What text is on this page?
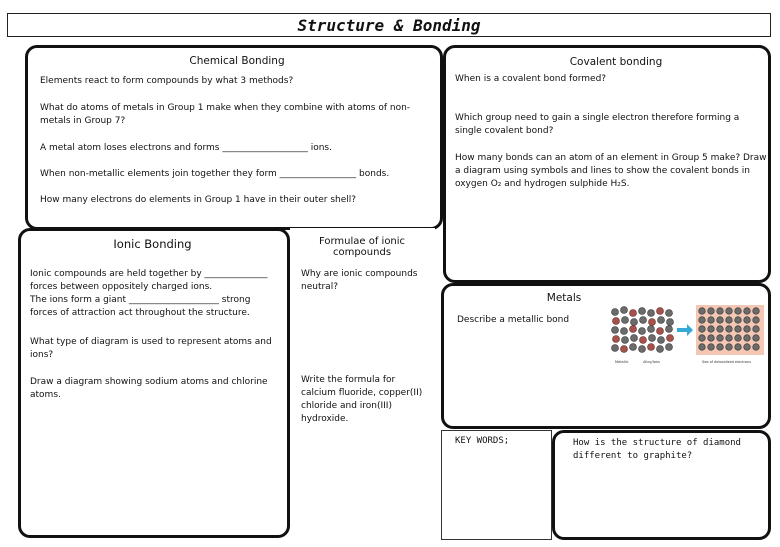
Structure & Bonding
Chemical Bonding
Elements react to form compounds by what 3 methods?
What do atoms of metals in Group 1 make when they combine with atoms of non-metals in Group 7?
A metal atom loses electrons and forms ___________________ ions.
When non-metallic elements join together they form _________________ bonds.
How many electrons do elements in Group 1 have in their outer shell?
Covalent bonding
When is a covalent bond formed?
Which group need to gain a single electron therefore forming a single covalent bond?
How many bonds can an atom of an element in Group 5 make? Draw a diagram using symbols and lines to show the covalent bonds in oxygen O₂ and hydrogen sulphide H₂S.
Ionic Bonding
Ionic compounds are held together by ______________ forces between oppositely charged ions.
The ions form a giant ____________________ strong forces of attraction act throughout the structure.
What type of diagram is used to represent atoms and ions?
Draw a diagram showing sodium atoms and chlorine atoms.
Formulae of ionic compounds
Why are ionic compounds neutral?
Write the formula for calcium fluoride, copper(II) chloride and iron(III) hydroxide.
Metals
Describe a metallic bond
Metallic	Alloy/Ions	Sea of delocalised electrons
KEY WORDS;	How is the structure of diamond different to graphite?
